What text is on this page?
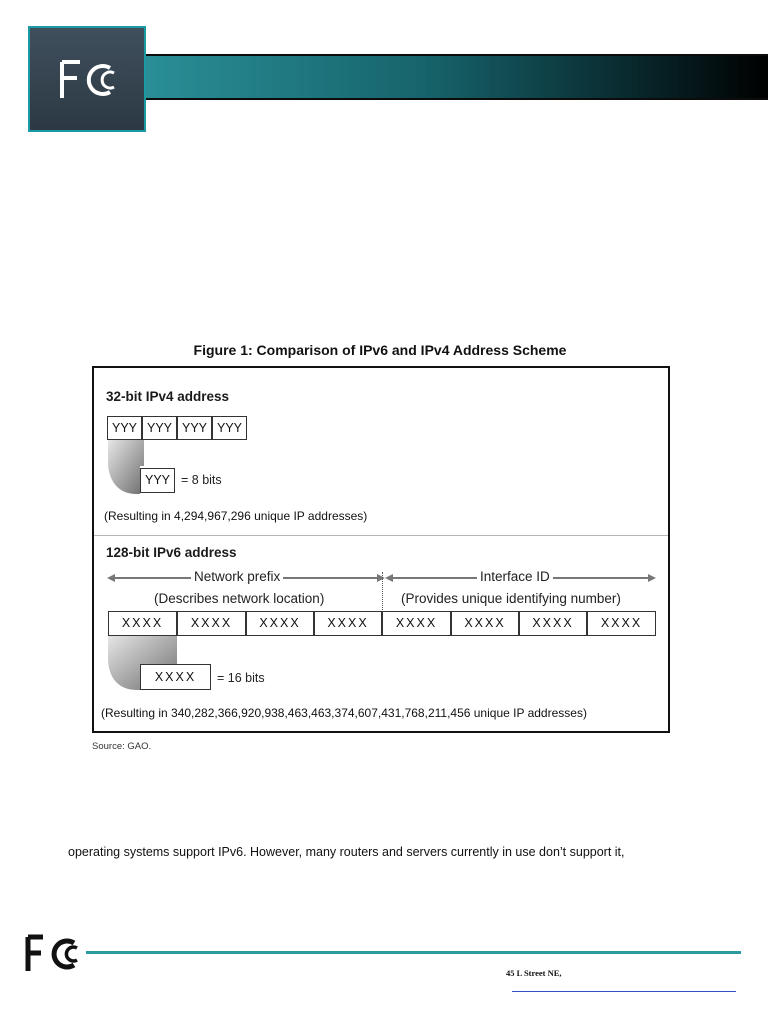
Figure 1: Comparison of IPv6 and IPv4 Address Scheme
32-bit IPv4 address
YYY YYY YYY YYY
YYY = 8 bits
(Resulting in 4,294,967,296 unique IP addresses)
128-bit IPv6 address
Network prefix	Interface ID
(Describes network location)	(Provides unique identifying number)
XXXX	XXXX	XXXX	XXXX	XXXX	XXXX	XXXX	XXXX
XXXX	= 16 bits
(Resulting in 340,282,366,920,938,463,463,374,607,431,768,211,456 unique IP addresses)
Source: GAO.
operating systems support IPv6. However, many routers and servers currently in use don’t support it,
45 L Street NE,
